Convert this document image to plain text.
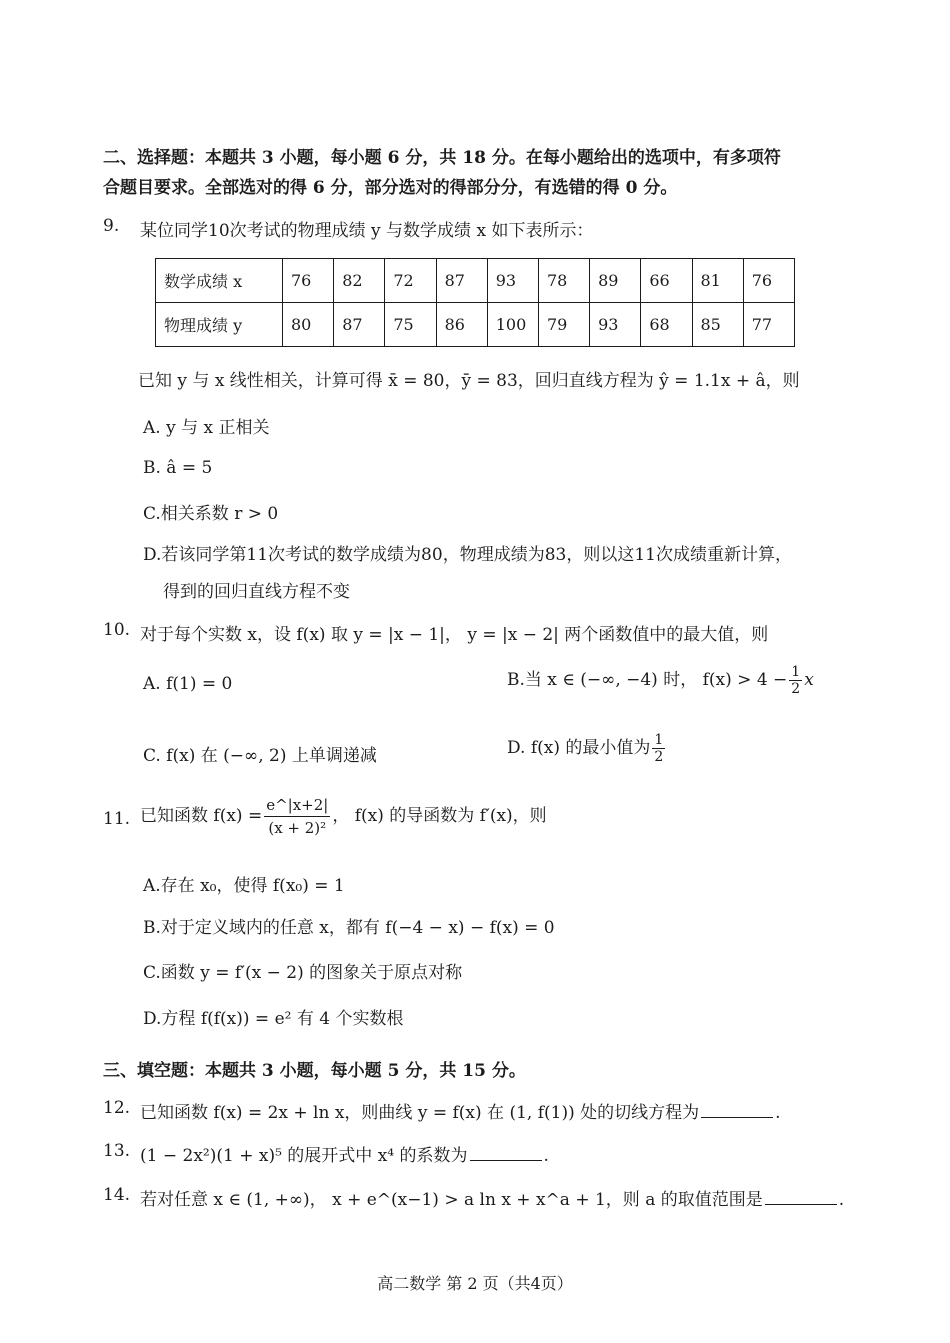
二、选择题：本题共 3 小题，每小题 6 分，共 18 分。在每小题给出的选项中，有多项符
合题目要求。全部选对的得 6 分，部分选对的得部分分，有选错的得 0 分。
9. 某位同学10次考试的物理成绩 y 与数学成绩 x 如下表所示：
数学成绩 x	76	82	72	87	93	78	89	66	81	76
物理成绩 y	80	87	75	86	100	79	93	68	85	77
已知 y 与 x 线性相关，计算可得 x̄ = 80，ȳ = 83，回归直线方程为 ŷ = 1.1x + â，则
A. y 与 x 正相关
B. â = 5
C.相关系数 r > 0
D.若该同学第11次考试的数学成绩为80，物理成绩为83，则以这11次成绩重新计算，
得到的回归直线方程不变
10. 对于每个实数 x，设 f(x) 取 y = |x − 1|， y = |x − 2| 两个函数值中的最大值，则
A. f(1) = 0	B.当 x ∈ (−∞, −4) 时， $f(x) > 4 - \frac{1}{2}$ x
C. f(x) 在 (−∞, 2) 上单调递减	D. f(x) 的最小值为 $\frac{1}{2}$
11. 已知函数 $f(x) = \frac{e\^{}|x+2|}{\text{(x + 2)²}}$ ， f(x) 的导函数为 f′(x)，则
A.存在 x₀，使得 f(x₀) = 1
B.对于定义域内的任意 x，都有 f(−4 − x) − f(x) = 0
C.函数 y = f′(x − 2) 的图象关于原点对称
D.方程 f(f(x)) = e² 有 4 个实数根
三、填空题：本题共 3 小题，每小题 5 分，共 15 分。
12. 已知函数 f(x) = 2x + ln x，则曲线 y = f(x) 在 (1, f(1)) 处的切线方程为	.
13. (1 − 2x²)(1 + x)⁵ 的展开式中 x⁴ 的系数为	.
14. 若对任意 x ∈ (1, +∞)， x + e^(x−1) > a ln x + x^a + 1，则 a 的取值范围是	.
高二数学 第 2 页（共4页）
